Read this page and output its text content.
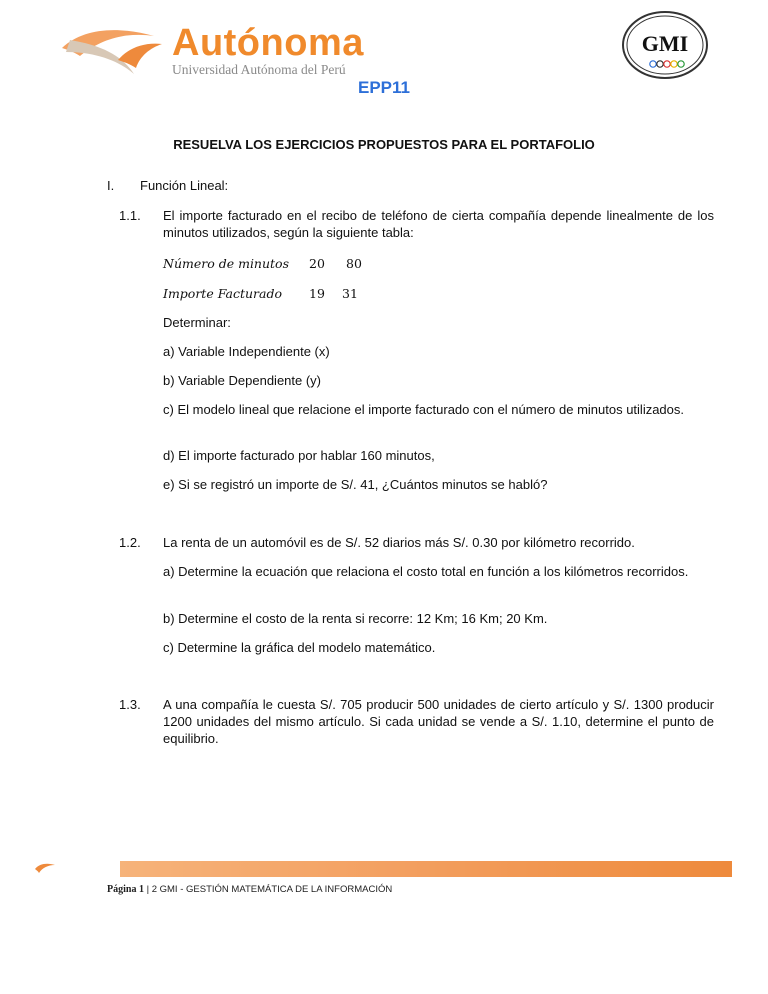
Autónoma
Universidad Autónoma del Perú
GMI
EPP11
RESUELVA LOS EJERCICIOS PROPUESTOS PARA EL PORTAFOLIO
I. Función Lineal:
1.1. El importe facturado en el recibo de teléfono de cierta compañía depende linealmente de los minutos utilizados, según la siguiente tabla:
Número de minutos 20 80
Importe Facturado 19 31
Determinar:
a) Variable Independiente (x)
b) Variable Dependiente (y)
c) El modelo lineal que relacione el importe facturado con el número de minutos utilizados.
d) El importe facturado por hablar 160 minutos,
e) Si se registró un importe de S/. 41, ¿Cuántos minutos se habló?
1.2. La renta de un automóvil es de S/. 52 diarios más S/. 0.30 por kilómetro recorrido.
a) Determine la ecuación que relaciona el costo total en función a los kilómetros recorridos.
b) Determine el costo de la renta si recorre: 12 Km; 16 Km; 20 Km.
c) Determine la gráfica del modelo matemático.
1.3. A una compañía le cuesta S/. 705 producir 500 unidades de cierto artículo y S/. 1300 producir 1200 unidades del mismo artículo. Si cada unidad se vende a S/. 1.10, determine el punto de equilibrio.
Página 1 | 2 GMI - GESTIÓN MATEMÁTICA DE LA INFORMACIÓN
